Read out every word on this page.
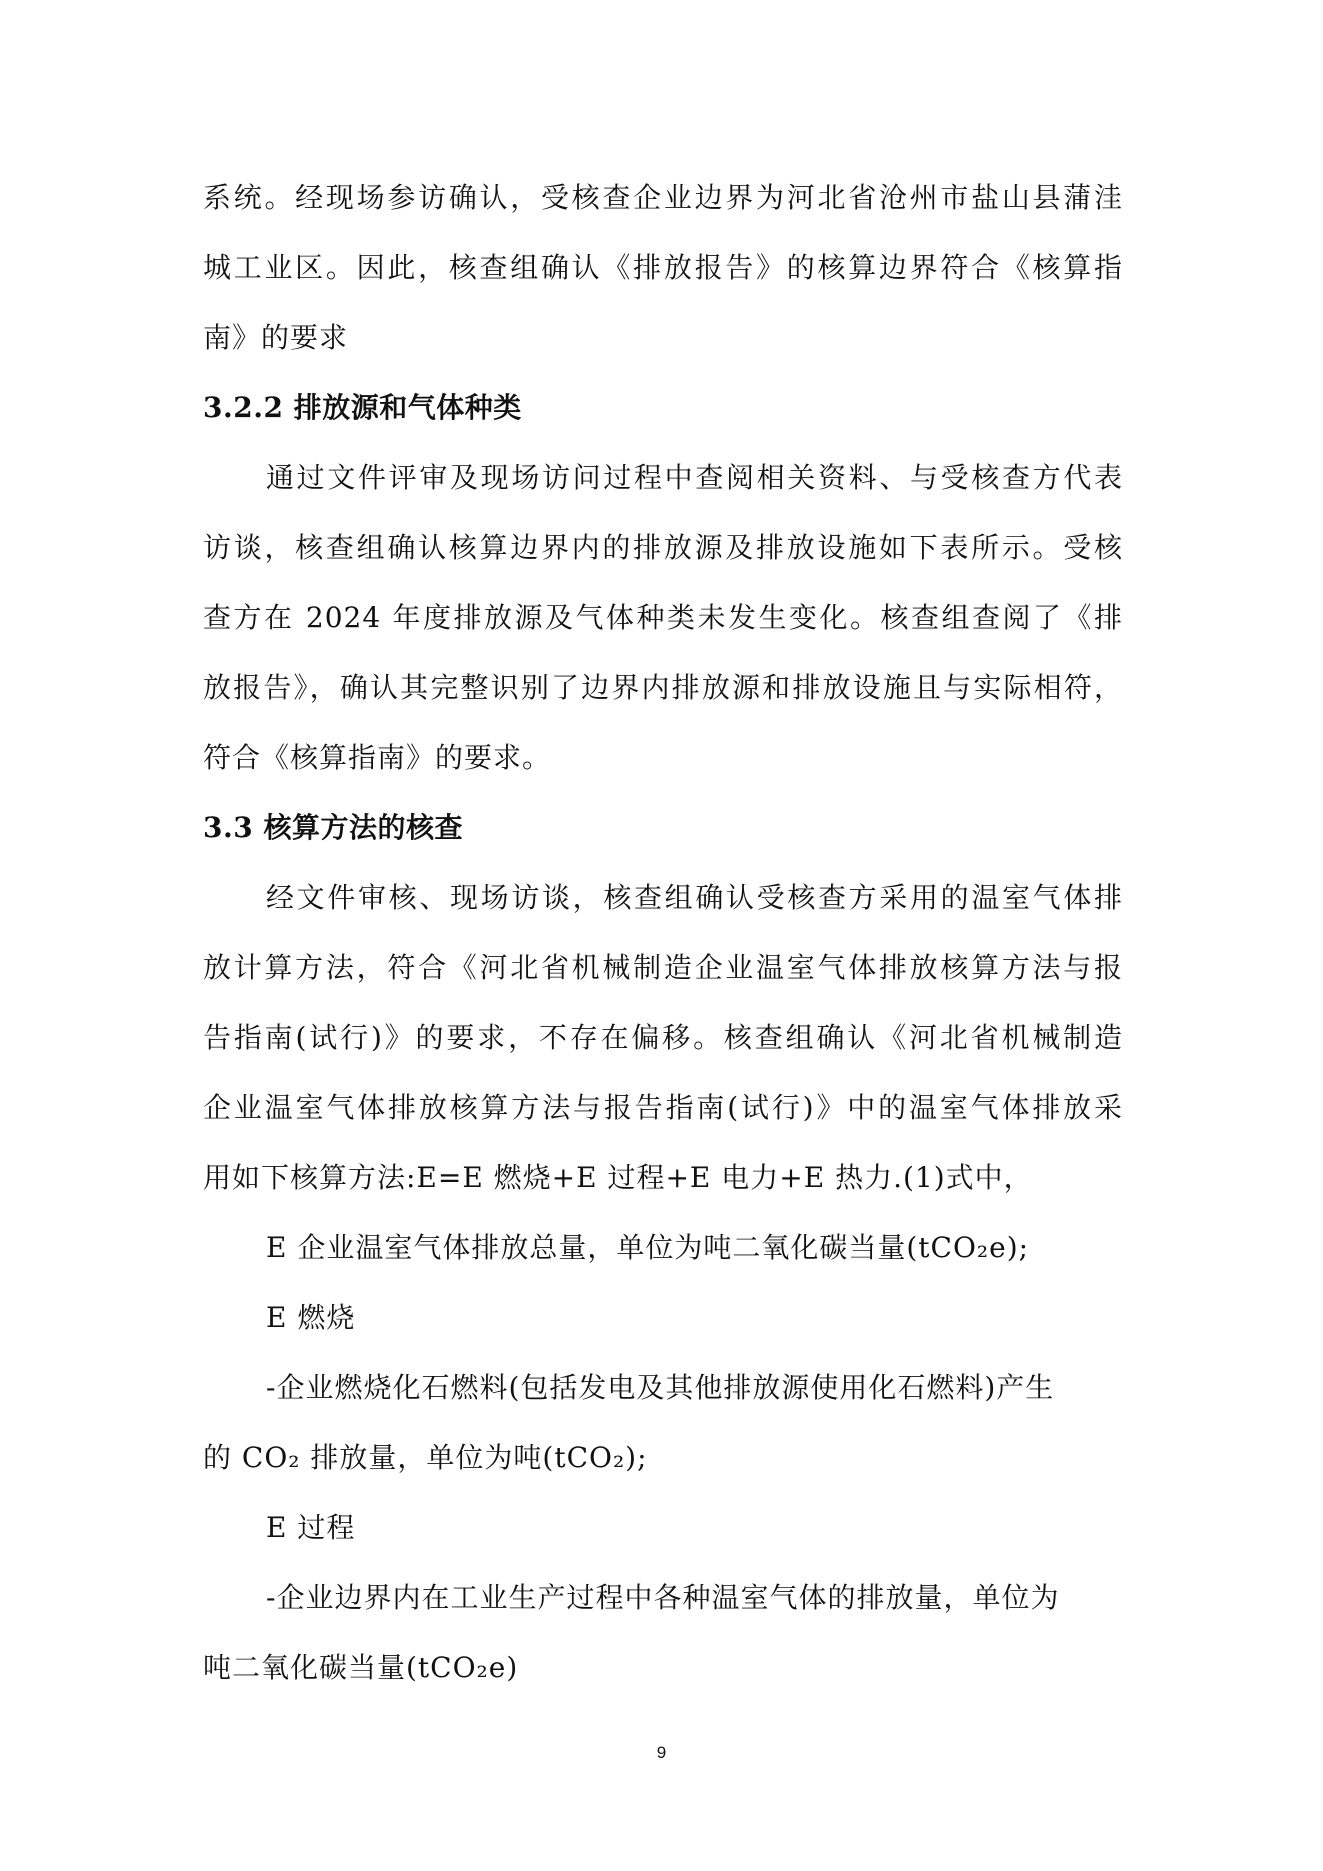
系统。经现场参访确认，受核查企业边界为河北省沧州市盐山县蒲洼
城工业区。因此，核查组确认《排放报告》的核算边界符合《核算指
南》的要求
3.2.2 排放源和气体种类
通过文件评审及现场访问过程中查阅相关资料、与受核查方代表
访谈，核查组确认核算边界内的排放源及排放设施如下表所示。受核
查方在 2024 年度排放源及气体种类未发生变化。核查组查阅了《排
放报告》，确认其完整识别了边界内排放源和排放设施且与实际相符，
符合《核算指南》的要求。
3.3 核算方法的核查
经文件审核、现场访谈，核查组确认受核查方采用的温室气体排
放计算方法，符合《河北省机械制造企业温室气体排放核算方法与报
告指南(试行)》的要求，不存在偏移。核查组确认《河北省机械制造
企业温室气体排放核算方法与报告指南(试行)》中的温室气体排放采
用如下核算方法:E=E 燃烧+E 过程+E 电力+E 热力.(1)式中，
E 企业温室气体排放总量，单位为吨二氧化碳当量(tCO₂e);
E 燃烧
-企业燃烧化石燃料(包括发电及其他排放源使用化石燃料)产生
的 CO₂ 排放量，单位为吨(tCO₂);
E 过程
-企业边界内在工业生产过程中各种温室气体的排放量，单位为
吨二氧化碳当量(tCO₂e)
9
